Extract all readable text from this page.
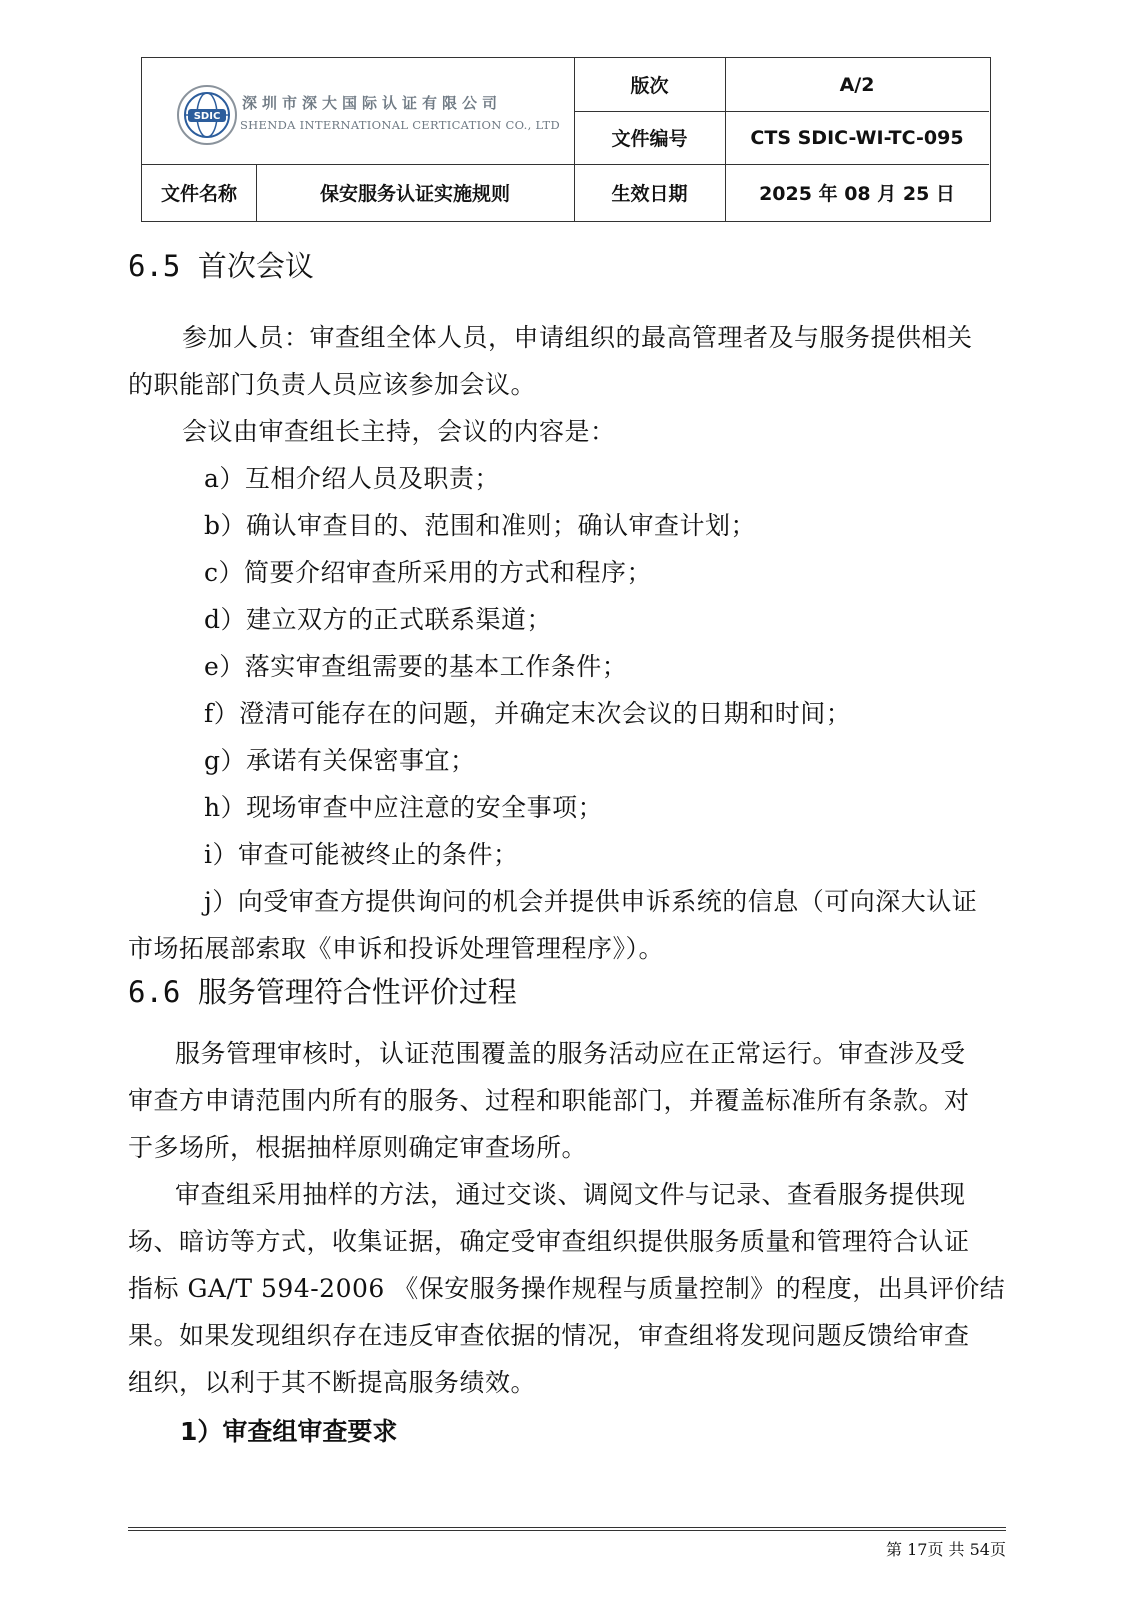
SDIC
深圳市深大国际认证有限公司
SHENDA INTERNATIONAL CERTICATION CO., LTD
版次	A/2
文件编号	CTS SDIC-WI-TC-095
文件名称	保安服务认证实施规则	生效日期	2025 年 08 月 25 日
6.5 首次会议
参加人员：审查组全体人员，申请组织的最高管理者及与服务提供相关
的职能部门负责人员应该参加会议。
会议由审查组长主持，会议的内容是：
a）互相介绍人员及职责；
b）确认审查目的、范围和准则；确认审查计划；
c）简要介绍审查所采用的方式和程序；
d）建立双方的正式联系渠道；
e）落实审查组需要的基本工作条件；
f）澄清可能存在的问题，并确定末次会议的日期和时间；
g）承诺有关保密事宜；
h）现场审查中应注意的安全事项；
i）审查可能被终止的条件；
j）向受审查方提供询问的机会并提供申诉系统的信息（可向深大认证
市场拓展部索取《申诉和投诉处理管理程序》）。
6.6 服务管理符合性评价过程
服务管理审核时，认证范围覆盖的服务活动应在正常运行。审查涉及受
审查方申请范围内所有的服务、过程和职能部门，并覆盖标准所有条款。对
于多场所，根据抽样原则确定审查场所。
审查组采用抽样的方法，通过交谈、调阅文件与记录、查看服务提供现
场、暗访等方式，收集证据，确定受审查组织提供服务质量和管理符合认证
指标 GA/T 594-2006 《保安服务操作规程与质量控制》的程度，出具评价结
果。如果发现组织存在违反审查依据的情况，审查组将发现问题反馈给审查
组织，以利于其不断提高服务绩效。
1）审查组审查要求
第 17页 共 54页
